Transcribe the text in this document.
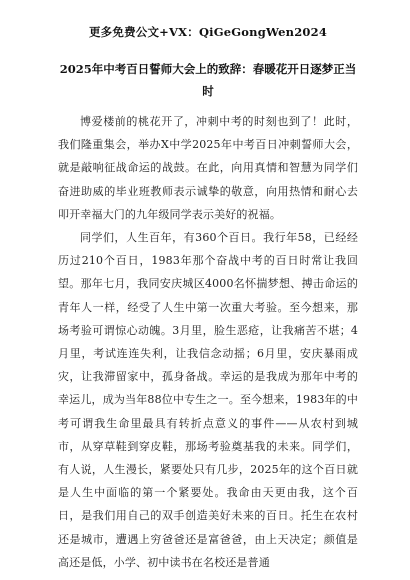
更多免费公文+VX：QiGeGongWen2024
2025年中考百日誓师大会上的致辞：春暖花开日逐梦正当时

博爱楼前的桃花开了，冲刺中考的时刻也到了！此时，我们隆重集会，举办X中学2025年中考百日冲刺誓师大会，就是敲响征战命运的战鼓。在此，向用真情和智慧为同学们奋进助威的毕业班教师表示诚挚的敬意，向用热情和耐心去叩开幸福大门的九年级同学表示美好的祝福。

同学们，人生百年，有360个百日。我行年58，已经经历过210个百日，1983年那个奋战中考的百日时常让我回望。那年七月，我同安庆城区4000名怀揣梦想、搏击命运的青年人一样，经受了人生中第一次重大考验。至今想来，那场考验可谓惊心动魄。3月里，脸生恶疮，让我痛苦不堪；4月里，考试连连失利，让我信念动摇；6月里，安庆暴雨成灾，让我滞留家中，孤身备战。幸运的是我成为那年中考的幸运儿，成为当年88位中专生之一。至今想来，1983年的中考可谓我生命里最具有转折点意义的事件——从农村到城市，从穿草鞋到穿皮鞋，那场考验奠基我的未来。同学们，有人说，人生漫长，紧要处只有几步，2025年的这个百日就是人生中面临的第一个紧要处。我命由天更由我，这个百日，是我们用自己的双手创造美好未来的百日。托生在农村还是城市，遭遇上穷爸爸还是富爸爸，由上天决定；颜值是高还是低，小学、初中读书在名校还是普通
